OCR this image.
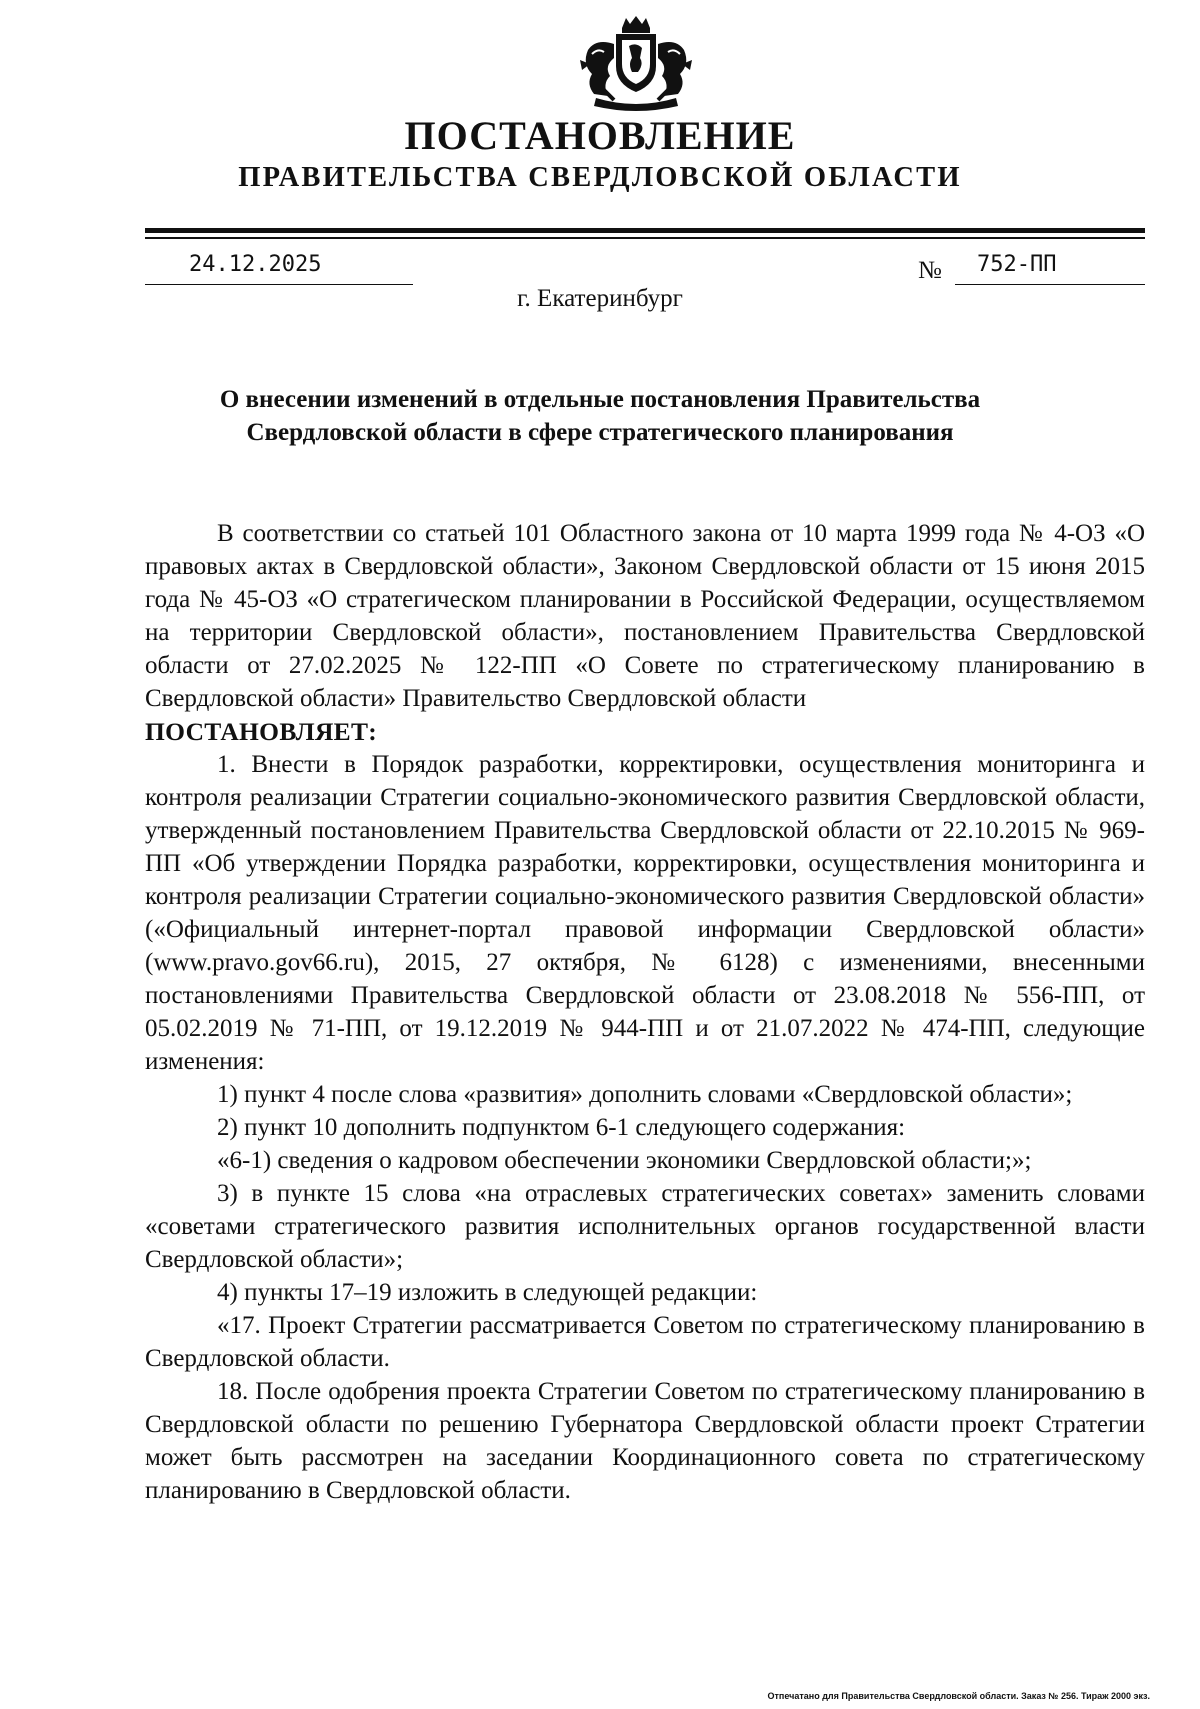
ПОСТАНОВЛЕНИЕ
ПРАВИТЕЛЬСТВА СВЕРДЛОВСКОЙ ОБЛАСТИ
24.12.2025	№ 752-ПП
г. Екатеринбург
О внесении изменений в отдельные постановления Правительства
Свердловской области в сфере стратегического планирования
В соответствии со статьей 101 Областного закона от 10 марта 1999 года № 4-ОЗ «О правовых актах в Свердловской области», Законом Свердловской области от 15 июня 2015 года № 45-ОЗ «О стратегическом планировании в Российской Федерации, осуществляемом на территории Свердловской области», постановлением Правительства Свердловской области от 27.02.2025 № 122-ПП «О Совете по стратегическому планированию в Свердловской области» Правительство Свердловской области
ПОСТАНОВЛЯЕТ:
1. Внести в Порядок разработки, корректировки, осуществления мониторинга и контроля реализации Стратегии социально-экономического развития Свердловской области, утвержденный постановлением Правительства Свердловской области от 22.10.2015 № 969-ПП «Об утверждении Порядка разработки, корректировки, осуществления мониторинга и контроля реализации Стратегии социально-экономического развития Свердловской области» («Официальный интернет-портал правовой информации Свердловской области» (www.pravo.gov66.ru), 2015, 27 октября, № 6128) с изменениями, внесенными постановлениями Правительства Свердловской области от 23.08.2018 № 556-ПП, от 05.02.2019 № 71-ПП, от 19.12.2019 № 944-ПП и от 21.07.2022 № 474-ПП, следующие изменения:
1) пункт 4 после слова «развития» дополнить словами «Свердловской области»;
2) пункт 10 дополнить подпунктом 6-1 следующего содержания:
«6-1) сведения о кадровом обеспечении экономики Свердловской области;»;
3) в пункте 15 слова «на отраслевых стратегических советах» заменить словами «советами стратегического развития исполнительных органов государственной власти Свердловской области»;
4) пункты 17–19 изложить в следующей редакции:
«17. Проект Стратегии рассматривается Советом по стратегическому планированию в Свердловской области.
18. После одобрения проекта Стратегии Советом по стратегическому планированию в Свердловской области по решению Губернатора Свердловской области проект Стратегии может быть рассмотрен на заседании Координационного совета по стратегическому планированию в Свердловской области.
Отпечатано для Правительства Свердловской области. Заказ № 256. Тираж 2000 экз.
